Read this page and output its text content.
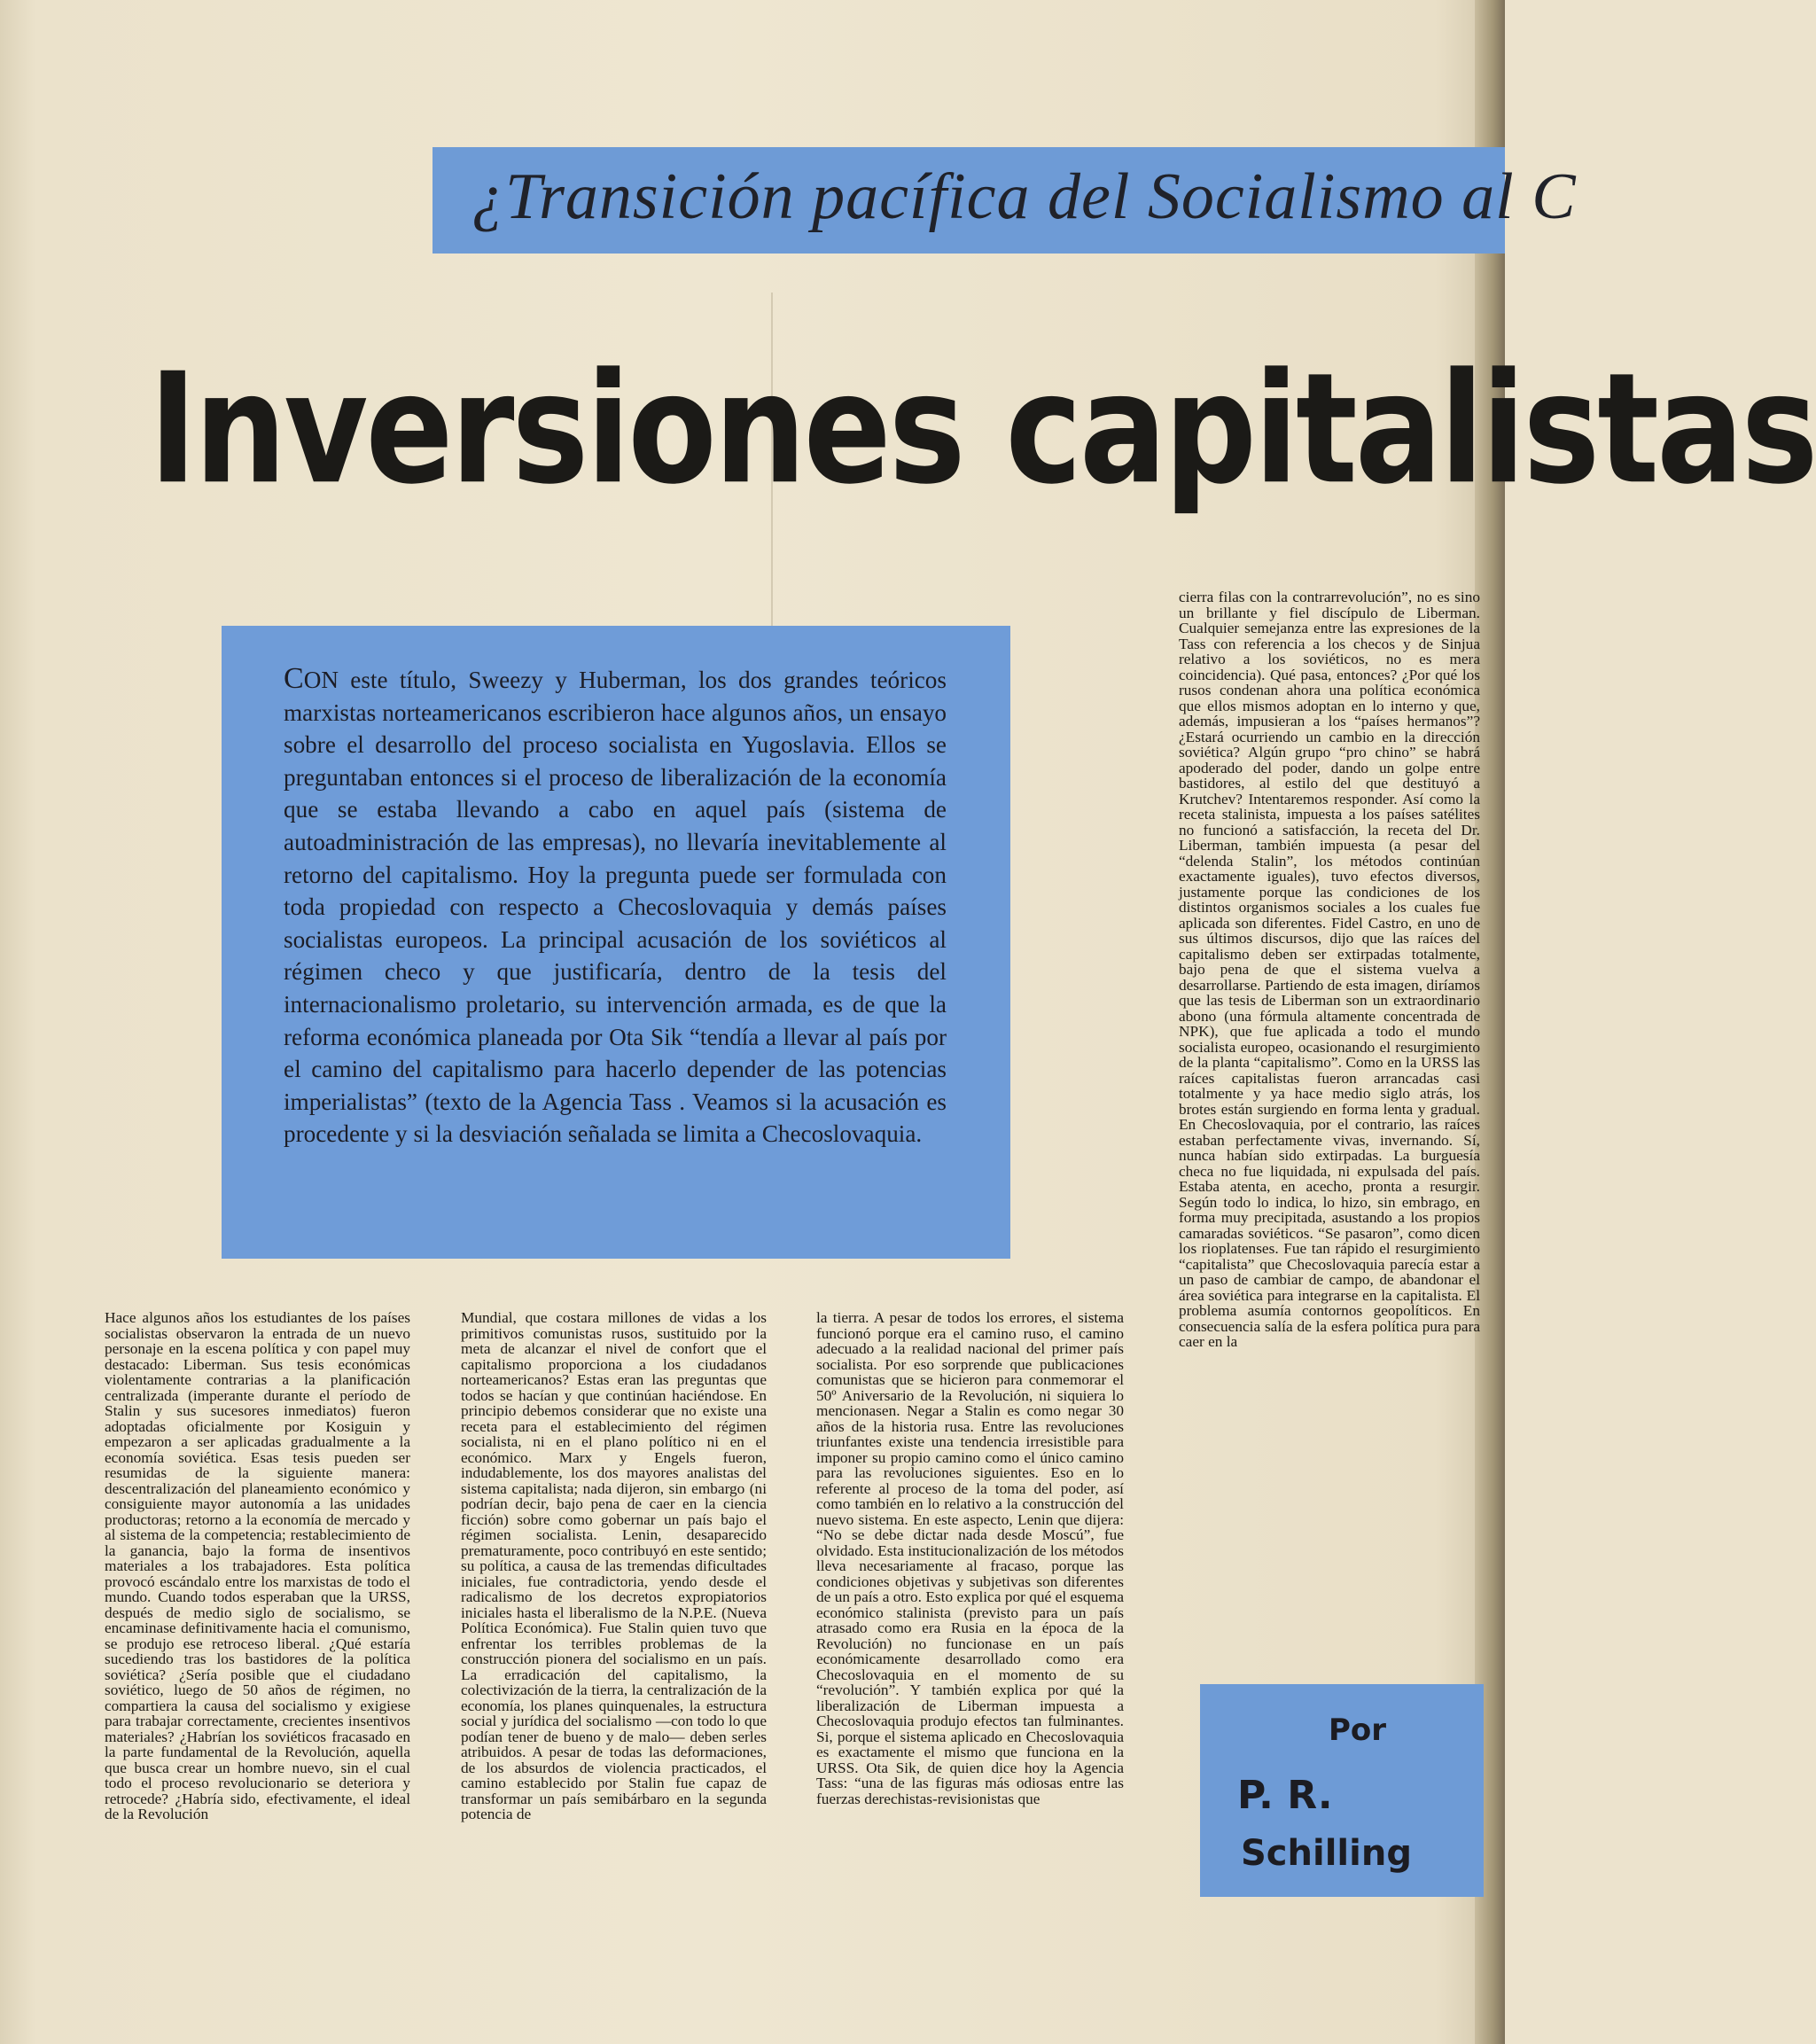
¿Transición pacífica del Socialismo al C
Inversiones capitalistas

CON este título, Sweezy y Huberman, los dos grandes teóricos marxistas norteamericanos escribieron hace algunos años, un ensayo sobre el desarrollo del proceso socialista en Yugoslavia. Ellos se preguntaban entonces si el proceso de liberalización de la economía que se estaba llevando a cabo en aquel país (sistema de autoadministración de las empresas), no llevaría inevitablemente al retorno del capitalismo. Hoy la pregunta puede ser formulada con toda propiedad con respecto a Checoslovaquia y demás países socialistas europeos. La principal acusación de los soviéticos al régimen checo y que justificaría, dentro de la tesis del internacionalismo proletario, su intervención armada, es de que la reforma económica planeada por Ota Sik “tendía a llevar al país por el camino del capitalismo para hacerlo depender de las potencias imperialistas” (texto de la Agencia Tass . Veamos si la acusación es procedente y si la desviación señalada se limita a Checoslovaquia.

Hace algunos años los estudiantes de los países socialistas observaron la entrada de un nuevo personaje en la escena política y con papel muy destacado: Liberman. Sus tesis económicas violentamente contrarias a la planificación centralizada (imperante durante el período de Stalin y sus sucesores inmediatos) fueron adoptadas oficialmente por Kosiguin y empezaron a ser aplicadas gradualmente a la economía soviética. Esas tesis pueden ser resumidas de la siguiente manera: descentralización del planeamiento económico y consiguiente mayor autonomía a las unidades productoras; retorno a la economía de mercado y al sistema de la competencia; restablecimiento de la ganancia, bajo la forma de insentivos materiales a los trabajadores. Esta política provocó escándalo entre los marxistas de todo el mundo. Cuando todos esperaban que la URSS, después de medio siglo de socialismo, se encaminase definitivamente hacia el comunismo, se produjo ese retroceso liberal. ¿Qué estaría sucediendo tras los bastidores de la política soviética? ¿Sería posible que el ciudadano soviético, luego de 50 años de régimen, no compartiera la causa del socialismo y exigiese para trabajar correctamente, crecientes insentivos materiales? ¿Habrían los soviéticos fracasado en la parte fundamental de la Revolución, aquella que busca crear un hombre nuevo, sin el cual todo el proceso revolucionario se deteriora y retrocede? ¿Habría sido, efectivamente, el ideal de la Revolución

Mundial, que costara millones de vidas a los primitivos comunistas rusos, sustituido por la meta de alcanzar el nivel de confort que el capitalismo proporciona a los ciudadanos norteamericanos? Estas eran las preguntas que todos se hacían y que continúan haciéndose. En principio debemos considerar que no existe una receta para el establecimiento del régimen socialista, ni en el plano político ni en el económico. Marx y Engels fueron, indudablemente, los dos mayores analistas del sistema capitalista; nada dijeron, sin embargo (ni podrían decir, bajo pena de caer en la ciencia ficción) sobre como gobernar un país bajo el régimen socialista. Lenin, desaparecido prematuramente, poco contribuyó en este sentido; su política, a causa de las tremendas dificultades iniciales, fue contradictoria, yendo desde el radicalismo de los decretos expropiatorios iniciales hasta el liberalismo de la N.P.E. (Nueva Política Económica). Fue Stalin quien tuvo que enfrentar los terribles problemas de la construcción pionera del socialismo en un país. La erradicación del capitalismo, la colectivización de la tierra, la centralización de la economía, los planes quinquenales, la estructura social y jurídica del socialismo —con todo lo que podían tener de bueno y de malo— deben serles atribuidos. A pesar de todas las deformaciones, de los absurdos de violencia practicados, el camino establecido por Stalin fue capaz de transformar un país semibárbaro en la segunda potencia de

la tierra. A pesar de todos los errores, el sistema funcionó porque era el camino ruso, el camino adecuado a la realidad nacional del primer país socialista. Por eso sorprende que publicaciones comunistas que se hicieron para conmemorar el 50º Aniversario de la Revolución, ni siquiera lo mencionasen. Negar a Stalin es como negar 30 años de la historia rusa. Entre las revoluciones triunfantes existe una tendencia irresistible para imponer su propio camino como el único camino para las revoluciones siguientes. Eso en lo referente al proceso de la toma del poder, así como también en lo relativo a la construcción del nuevo sistema. En este aspecto, Lenin que dijera: “No se debe dictar nada desde Moscú”, fue olvidado. Esta institucionalización de los métodos lleva necesariamente al fracaso, porque las condiciones objetivas y subjetivas son diferentes de un país a otro. Esto explica por qué el esquema económico stalinista (previsto para un país atrasado como era Rusia en la época de la Revolución) no funcionase en un país económicamente desarrollado como era Checoslovaquia en el momento de su “revolución”. Y también explica por qué la liberalización de Liberman impuesta a Checoslovaquia produjo efectos tan fulminantes. Si, porque el sistema aplicado en Checoslovaquia es exactamente el mismo que funciona en la URSS. Ota Sik, de quien dice hoy la Agencia Tass: “una de las figuras más odiosas entre las fuerzas derechistas-revisionistas que

cierra filas con la contrarrevolución”, no es sino un brillante y fiel discípulo de Liberman. Cualquier semejanza entre las expresiones de la Tass con referencia a los checos y de Sinjua relativo a los soviéticos, no es mera coincidencia). Qué pasa, entonces? ¿Por qué los rusos condenan ahora una política económica que ellos mismos adoptan en lo interno y que, además, impusieran a los “países hermanos”? ¿Estará ocurriendo un cambio en la dirección soviética? Algún grupo “pro chino” se habrá apoderado del poder, dando un golpe entre bastidores, al estilo del que destituyó a Krutchev? Intentaremos responder. Así como la receta stalinista, impuesta a los países satélites no funcionó a satisfacción, la receta del Dr. Liberman, también impuesta (a pesar del “delenda Stalin”, los métodos continúan exactamente iguales), tuvo efectos diversos, justamente porque las condiciones de los distintos organismos sociales a los cuales fue aplicada son diferentes. Fidel Castro, en uno de sus últimos discursos, dijo que las raíces del capitalismo deben ser extirpadas totalmente, bajo pena de que el sistema vuelva a desarrollarse. Partiendo de esta imagen, diríamos que las tesis de Liberman son un extraordinario abono (una fórmula altamente concentrada de NPK), que fue aplicada a todo el mundo socialista europeo, ocasionando el resurgimiento de la planta “capitalismo”. Como en la URSS las raíces capitalistas fueron arrancadas casi totalmente y ya hace medio siglo atrás, los brotes están surgiendo en forma lenta y gradual. En Checoslovaquia, por el contrario, las raíces estaban perfectamente vivas, invernando. Sí, nunca habían sido extirpadas. La burguesía checa no fue liquidada, ni expulsada del país. Estaba atenta, en acecho, pronta a resurgir. Según todo lo indica, lo hizo, sin embrago, en forma muy precipitada, asustando a los propios camaradas soviéticos. “Se pasaron”, como dicen los rioplatenses. Fue tan rápido el resurgimiento “capitalista” que Checoslovaquia parecía estar a un paso de cambiar de campo, de abandonar el área soviética para integrarse en la capitalista. El problema asumía contornos geopolíticos. En consecuencia salía de la esfera política pura para caer en la

Por
P. R.
Schilling
